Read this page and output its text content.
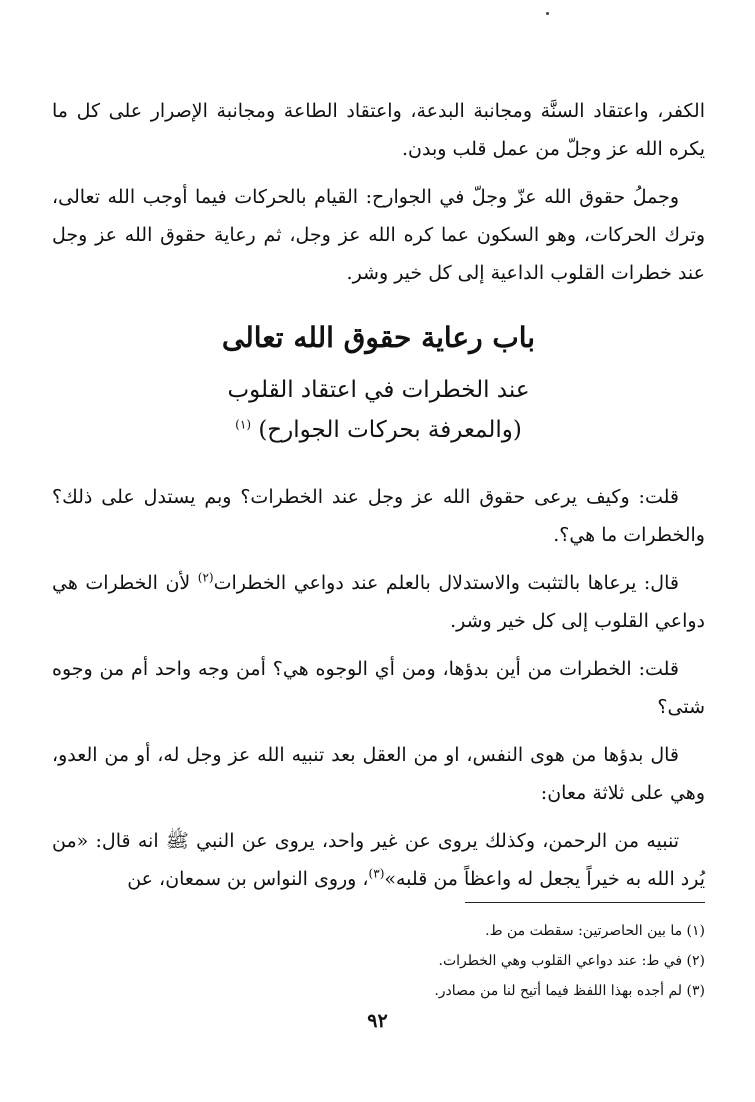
الكفر، واعتقاد السنَّة ومجانبة البدعة، واعتقاد الطاعة ومجانبة الإصرار على كل ما يكره الله عز وجلّ من عمل قلب وبدن.

وجملُ حقوق الله عزّ وجلّ في الجوارح: القيام بالحركات فيما أوجب الله تعالى، وترك الحركات، وهو السكون عما كره الله عز وجل، ثم رعاية حقوق الله عز وجل عند خطرات القلوب الداعية إلى كل خير وشر.

باب رعاية حقوق الله تعالى

عند الخطرات في اعتقاد القلوب

(والمعرفة بحركات الجوارح) $^{(١)}$

قلت: وكيف يرعى حقوق الله عز وجل عند الخطرات؟ وبم يستدل على ذلك؟ والخطرات ما هي؟.

قال: يرعاها بالتثبت والاستدلال بالعلم عند دواعي الخطرات$^{(٢)}$ لأن الخطرات هي دواعي القلوب إلى كل خير وشر.

قلت: الخطرات من أين بدؤها، ومن أي الوجوه هي؟ أمن وجه واحد أم من وجوه شتى؟

قال بدؤها من هوى النفس، او من العقل بعد تنبيه الله عز وجل له، أو من العدو، وهي على ثلاثة معان:

تنبيه من الرحمن، وكذلك يروى عن غير واحد، يروى عن النبي ﷺ انه قال: «من يُرد الله به خيراً يجعل له واعظاً من قلبه»$^{(٣)}$، وروى النواس بن سمعان، عن

(١) ما بين الحاصرتين: سقطت من ط.

(٢) في ط: عند دواعي القلوب وهي الخطرات.

(٣) لم أجده بهذا اللفظ فيما أتيح لنا من مصادر.

٩٢
